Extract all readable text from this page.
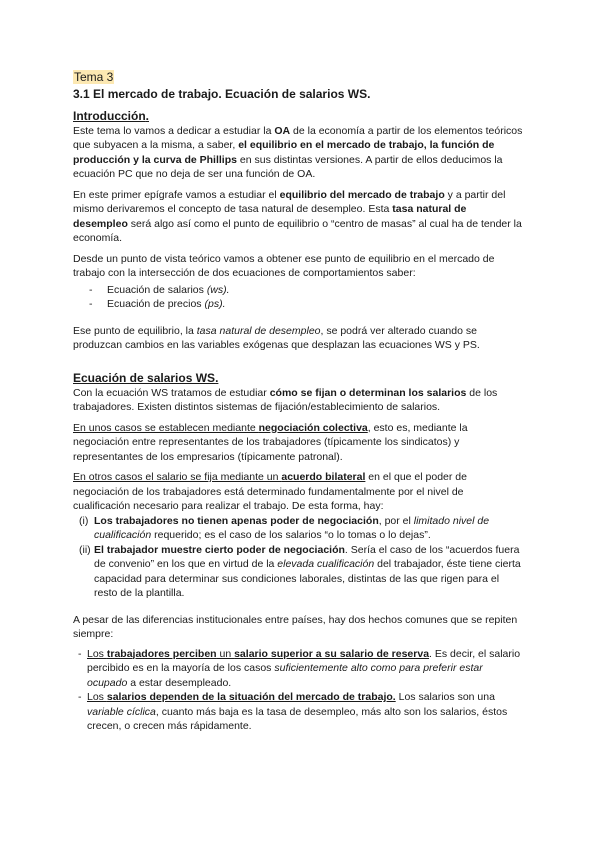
Tema 3
3.1 El mercado de trabajo. Ecuación de salarios WS.
Introducción.

Este tema lo vamos a dedicar a estudiar la OA de la economía a partir de los elementos teóricos que subyacen a la misma, a saber, el equilibrio en el mercado de trabajo, la función de producción y la curva de Phillips en sus distintas versiones. A partir de ellos deducimos la ecuación PC que no deja de ser una función de OA.

En este primer epígrafe vamos a estudiar el equilibrio del mercado de trabajo y a partir del mismo derivaremos el concepto de tasa natural de desempleo. Esta tasa natural de desempleo será algo así como el punto de equilibrio o “centro de masas” al cual ha de tender la economía.

Desde un punto de vista teórico vamos a obtener ese punto de equilibrio en el mercado de trabajo con la intersección de dos ecuaciones de comportamientos saber:

- Ecuación de salarios (ws).
- Ecuación de precios (ps).

Ese punto de equilibrio, la tasa natural de desempleo, se podrá ver alterado cuando se produzcan cambios en las variables exógenas que desplazan las ecuaciones WS y PS.

Ecuación de salarios WS.

Con la ecuación WS tratamos de estudiar cómo se fijan o determinan los salarios de los trabajadores. Existen distintos sistemas de fijación/establecimiento de salarios.

En unos casos se establecen mediante negociación colectiva, esto es, mediante la negociación entre representantes de los trabajadores (típicamente los sindicatos) y representantes de los empresarios (típicamente patronal).

En otros casos el salario se fija mediante un acuerdo bilateral en el que el poder de negociación de los trabajadores está determinado fundamentalmente por el nivel de cualificación necesario para realizar el trabajo. De esta forma, hay:

(i) Los trabajadores no tienen apenas poder de negociación, por el limitado nivel de cualificación requerido; es el caso de los salarios “o lo tomas o lo dejas”.
(ii) El trabajador muestre cierto poder de negociación. Sería el caso de los “acuerdos fuera de convenio” en los que en virtud de la elevada cualificación del trabajador, éste tiene cierta capacidad para determinar sus condiciones laborales, distintas de las que rigen para el resto de la plantilla.

A pesar de las diferencias institucionales entre países, hay dos hechos comunes que se repiten siempre:

- Los trabajadores perciben un salario superior a su salario de reserva. Es decir, el salario percibido es en la mayoría de los casos suficientemente alto como para preferir estar ocupado a estar desempleado.
- Los salarios dependen de la situación del mercado de trabajo. Los salarios son una variable cíclica, cuanto más baja es la tasa de desempleo, más alto son los salarios, éstos crecen, o crecen más rápidamente.
